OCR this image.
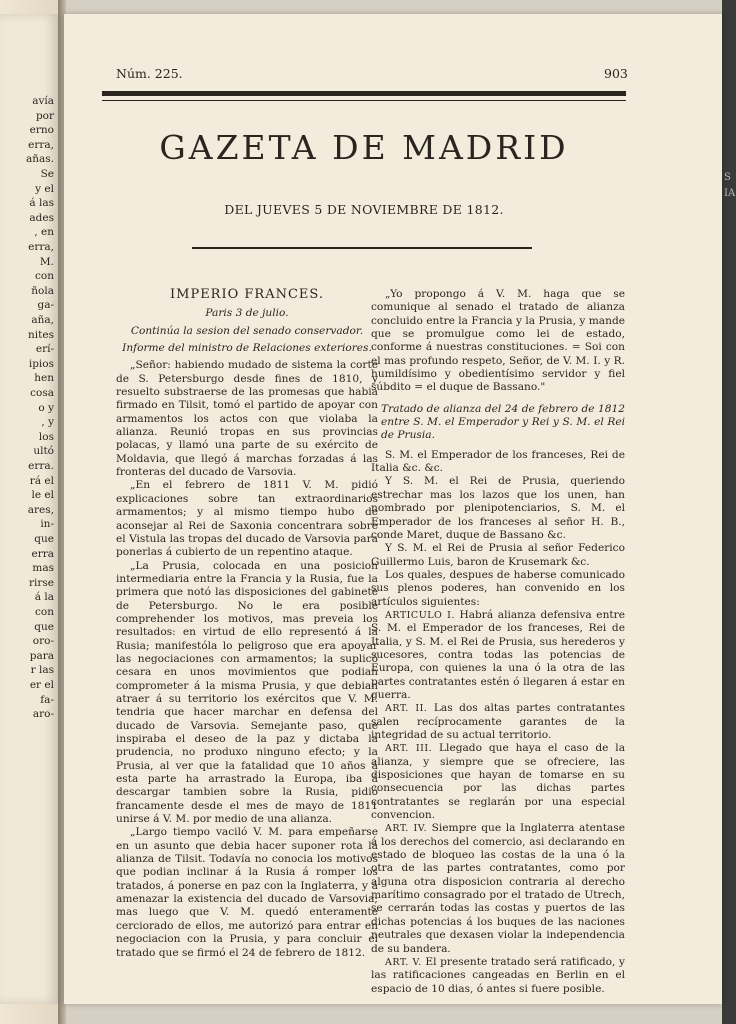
avía
por
erno
erra,
añas.
Se
y el
á las
ades
, en
erra,
M.
con
ñola
ga-
aña,
nites
erí-
ipios
hen
cosa
o y
, y
los
ultó
erra.
rá el
le el
ares,
in-
que
erra
mas
rirse
á la
con
que
oro-
para
r las
er el
fa-
aro-
S
IA
Núm. 225.	903
GAZETA DE MADRID
DEL JUEVES 5 DE NOVIEMBRE DE 1812.

IMPERIO FRANCES.

Paris 3 de julio.

Continúa la sesion del senado conservador.

Informe del ministro de Relaciones exteriores.

„Señor: habiendo mudado de sistema la corte de S. Petersburgo desde fines de 1810, y resuelto substraerse de las promesas que habia firmado en Tilsit, tomó el partido de apoyar con armamentos los actos con que violaba la alianza. Reunió tropas en sus provincias polacas, y llamó una parte de su exército de Moldavia, que llegó á marchas forzadas á las fronteras del ducado de Varsovia.

„En el febrero de 1811 V. M. pidió explicaciones sobre tan extraordinarios armamentos; y al mismo tiempo hubo de aconsejar al Rei de Saxonia concentrara sobre el Vistula las tropas del ducado de Varsovia para ponerlas á cubierto de un repentino ataque.

„La Prusia, colocada en una posicion intermediaria entre la Francia y la Rusia, fue la primera que notó las disposiciones del gabinete de Petersburgo. No le era posible comprehender los motivos, mas preveia los resultados: en virtud de ello representó á la Rusia; manifestóla lo peligroso que era apoyar las negociaciones con armamentos; la suplicó cesara en unos movimientos que podian comprometer á la misma Prusia, y que debian atraer á su territorio los exércitos que V. M. tendria que hacer marchar en defensa del ducado de Varsovia. Semejante paso, que inspiraba el deseo de la paz y dictaba la prudencia, no produxo ninguno efecto; y la Prusia, al ver que la fatalidad que 10 años á esta parte ha arrastrado la Europa, iba á descargar tambien sobre la Rusia, pidió francamente desde el mes de mayo de 1811 unirse á V. M. por medio de una alianza.

„Largo tiempo vaciló V. M. para empeñarse en un asunto que debia hacer suponer rota la alianza de Tilsit. Todavía no conocia los motivos que podian inclinar á la Rusia á romper los tratados, á ponerse en paz con la Inglaterra, y á amenazar la existencia del ducado de Varsovia; mas luego que V. M. quedó enteramente cerciorado de ellos, me autorizó para entrar en negociacion con la Prusia, y para concluir el tratado que se firmó el 24 de febrero de 1812.

„Yo propongo á V. M. haga que se comunique al senado el tratado de alianza concluido entre la Francia y la Prusia, y mande que se promulgue como lei de estado, conforme á nuestras constituciones. = Soi con el mas profundo respeto, Señor, de V. M. I. y R. humildísimo y obedientísimo servidor y fiel súbdito = el duque de Bassano."

Tratado de alianza del 24 de febrero de 1812 entre S. M. el Emperador y Rei y S. M. el Rei de Prusia.

S. M. el Emperador de los franceses, Rei de Italia &c. &c.

Y S. M. el Rei de Prusia, queriendo estrechar mas los lazos que los unen, han nombrado por plenipotenciarios, S. M. el Emperador de los franceses al señor H. B., conde Maret, duque de Bassano &c.

Y S. M. el Rei de Prusia al señor Federico Guillermo Luis, baron de Krusemark &c.

Los quales, despues de haberse comunicado sus plenos poderes, han convenido en los artículos siguientes:

ARTICULO I. Habrá alianza defensiva entre S. M. el Emperador de los franceses, Rei de Italia, y S. M. el Rei de Prusia, sus herederos y sucesores, contra todas las potencias de Europa, con quienes la una ó la otra de las partes contratantes estén ó llegaren á estar en guerra.

ART. II. Las dos altas partes contratantes salen recíprocamente garantes de la integridad de su actual territorio.

ART. III. Llegado que haya el caso de la alianza, y siempre que se ofreciere, las disposiciones que hayan de tomarse en su consecuencia por las dichas partes contratantes se reglarán por una especial convencion.

ART. IV. Siempre que la Inglaterra atentase á los derechos del comercio, asi declarando en estado de bloqueo las costas de la una ó la otra de las partes contratantes, como por alguna otra disposicion contraria al derecho marítimo consagrado por el tratado de Utrech, se cerrarán todas las costas y puertos de las dichas potencias á los buques de las naciones neutrales que dexasen violar la independencia de su bandera.

ART. V. El presente tratado será ratificado, y las ratificaciones cangeadas en Berlin en el espacio de 10 dias, ó antes si fuere posible.
